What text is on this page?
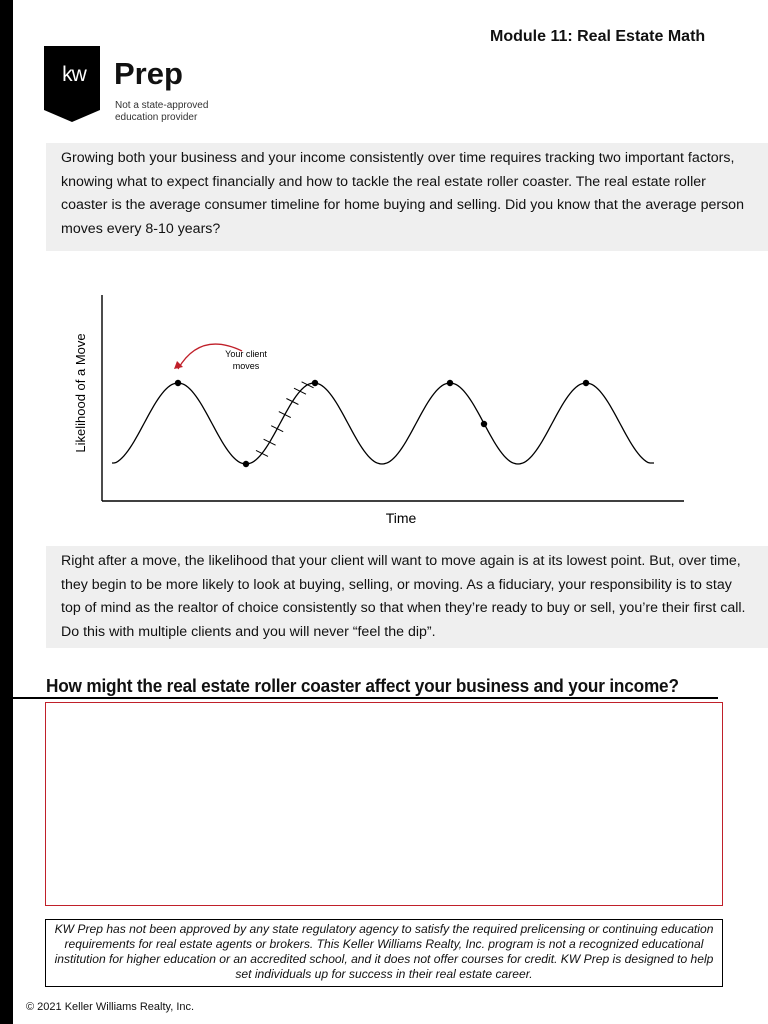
Module 11: Real Estate Math
kw Prep
Not a state-approved
education provider
Growing both your business and your income consistently over time requires tracking two important factors, knowing what to expect financially and how to tackle the real estate roller coaster. The real estate roller coaster is the average consumer timeline for home buying and selling. Did you know that the average person moves every 8-10 years?
Your client
moves
Time
Likelihood of a Move
Right after a move, the likelihood that your client will want to move again is at its lowest point. But, over time, they begin to be more likely to look at buying, selling, or moving. As a fiduciary, your responsibility is to stay top of mind as the realtor of choice consistently so that when they’re ready to buy or sell, you’re their first call. Do this with multiple clients and you will never “feel the dip”.
How might the real estate roller coaster affect your business and your income?
KW Prep has not been approved by any state regulatory agency to satisfy the required prelicensing or continuing education requirements for real estate agents or brokers. This Keller Williams Realty, Inc. program is not a recognized educational institution for higher education or an accredited school, and it does not offer courses for credit. KW Prep is designed to help set individuals up for success in their real estate career.
© 2021 Keller Williams Realty, Inc.
